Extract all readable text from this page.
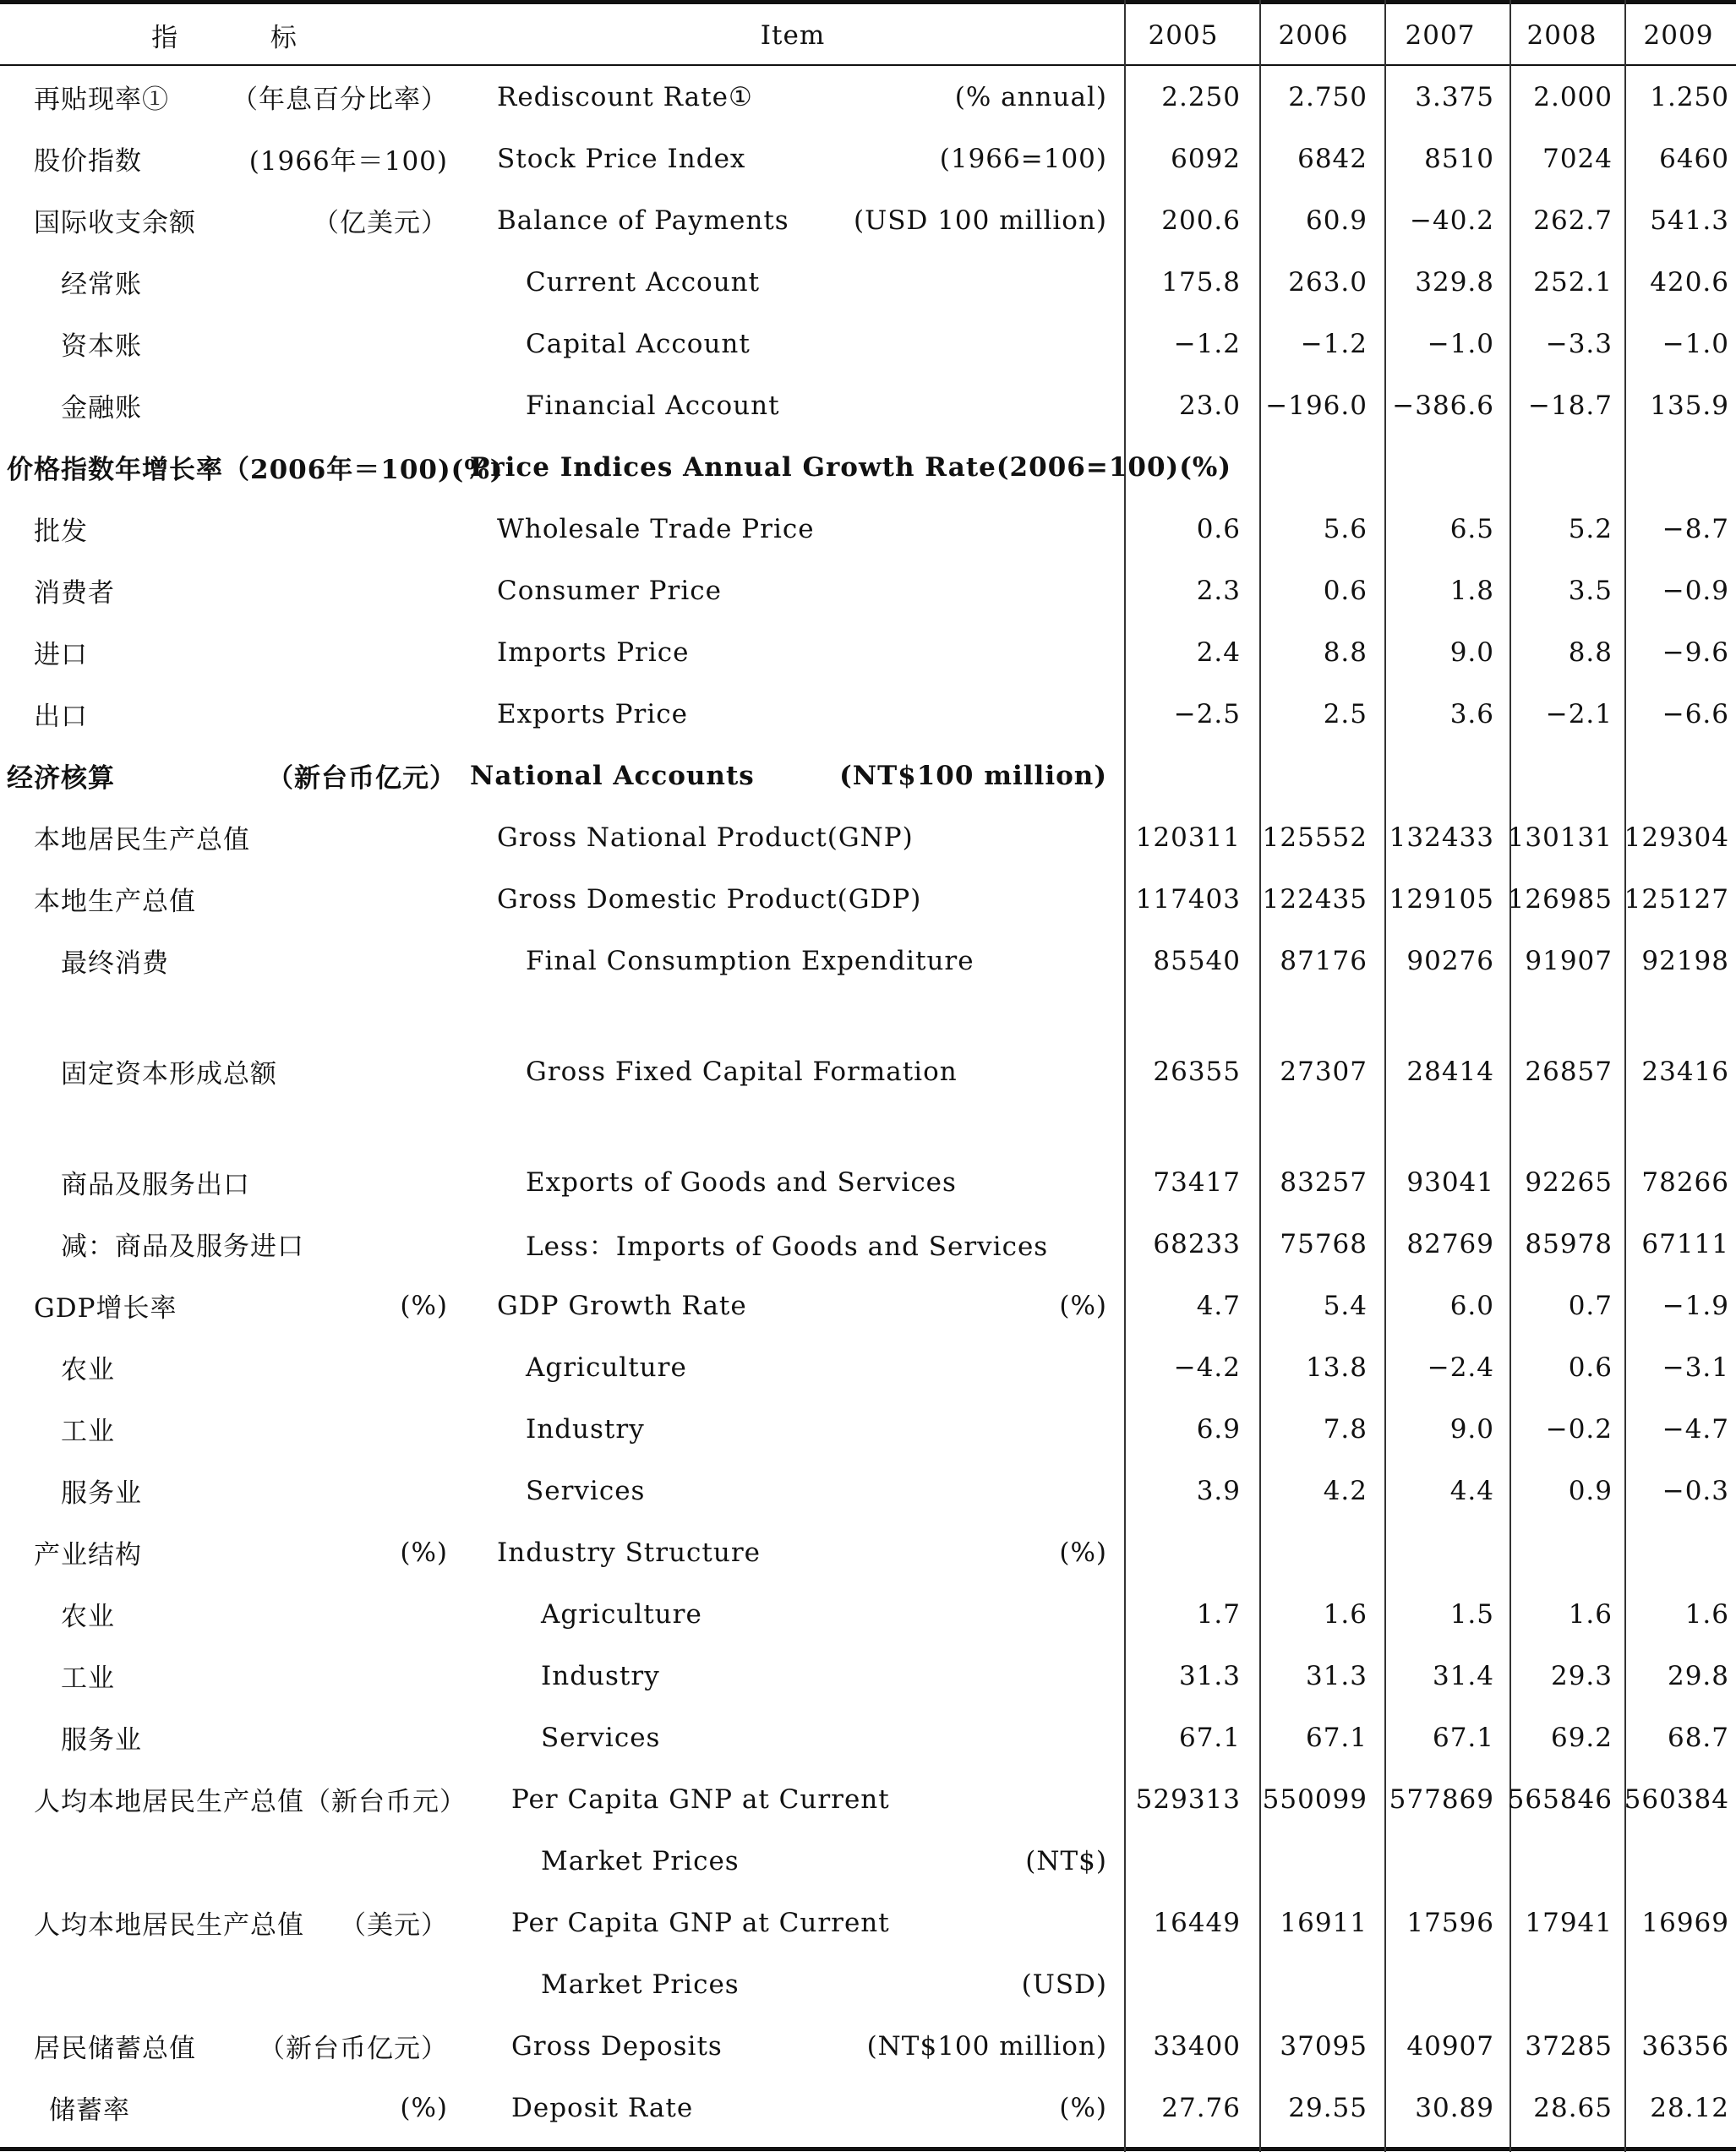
指 标	Item	2005	2006	2007	2008	2009
再贴现率①	（年息百分比率） Rediscount Rate①	(% annual)	2.250	2.750	3.375	2.000	1.250
股价指数	(1966年＝100) Stock Price Index	(1966=100)	6092	6842	8510	7024	6460
国际收支余额	（亿美元） Balance of Payments	(USD 100 million)	200.6	60.9	−40.2	262.7	541.3
经常账	Current Account	175.8	263.0	329.8	252.1	420.6
资本账	Capital Account	−1.2	−1.2	−1.0	−3.3	−1.0
金融账	Financial Account	23.0 −196.0 −386.6	−18.7	135.9
价格指数年增长率（2006年＝100)(%)
Price Indices Annual Growth Rate(2006=100)(%)
批发	Wholesale Trade Price	0.6	5.6	6.5	5.2	−8.7
消费者	Consumer Price	2.3	0.6	1.8	3.5	−0.9
进口	Imports Price	2.4	8.8	9.0	8.8	−9.6
出口	Exports Price	−2.5	2.5	3.6	−2.1	−6.6
经济核算	（新台币亿元） National Accounts	(NT$100 million)
本地居民生产总值	Gross National Product(GNP)	120311 125552 132433 130131 129304
本地生产总值	Gross Domestic Product(GDP)	117403 122435 129105 126985 125127
最终消费	Final Consumption Expenditure	85540	87176	90276	91907	92198
固定资本形成总额	Gross Fixed Capital Formation	26355	27307	28414	26857	23416
商品及服务出口	Exports of Goods and Services	73417	83257	93041	92265	78266
减：商品及服务进口	Less：Imports of Goods and Services	68233	75768	82769	85978	67111
GDP增长率	(%) GDP Growth Rate	(%)	4.7	5.4	6.0	0.7	−1.9
农业	Agriculture	−4.2	13.8	−2.4	0.6	−3.1
工业	Industry	6.9	7.8	9.0	−0.2	−4.7
服务业	Services	3.9	4.2	4.4	0.9	−0.3
产业结构	(%) Industry Structure	(%)
农业	Agriculture	1.7	1.6	1.5	1.6	1.6
工业	Industry	31.3	31.3	31.4	29.3	29.8
服务业	Services	67.1	67.1	67.1	69.2	68.7
人均本地居民生产总值（新台币元） Per Capita GNP at Current	529313 550099 577869 565846 560384
Market Prices	(NT$)
人均本地居民生产总值	（美元） Per Capita GNP at Current	16449	16911	17596	17941	16969
Market Prices	(USD)
居民储蓄总值	（新台币亿元） Gross Deposits	(NT$100 million)	33400	37095	40907	37285	36356
储蓄率	(%) Deposit Rate	(%)	27.76	29.55	30.89	28.65	28.12
